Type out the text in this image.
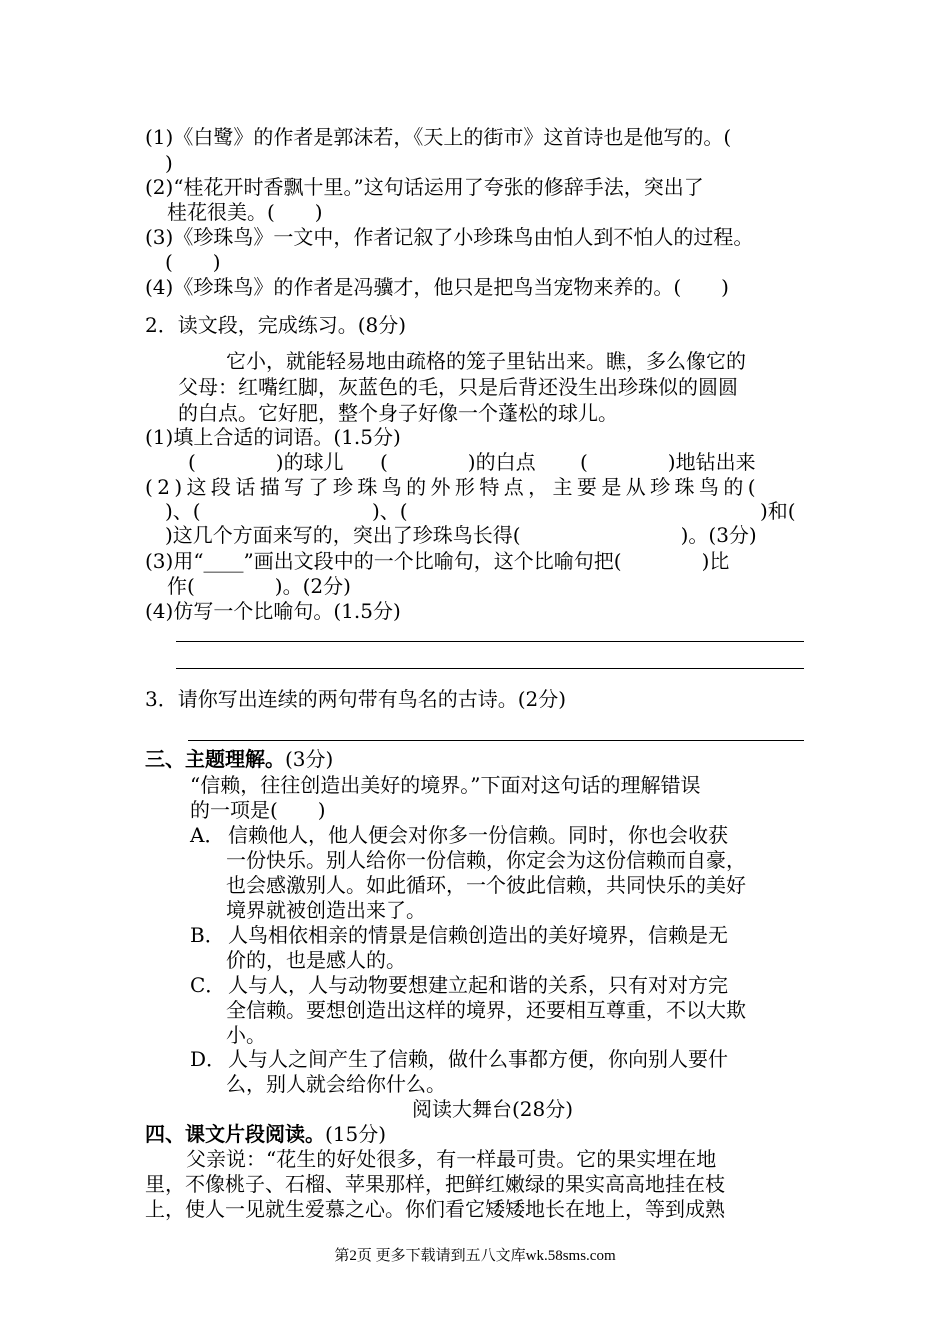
(1)《白鹭》的作者是郭沫若，《天上的街市》这首诗也是他写的。(
)
(2)“桂花开时香飘十里。”这句话运用了夸张的修辞手法，突出了
桂花很美。(　　)
(3)《珍珠鸟》一文中，作者记叙了小珍珠鸟由怕人到不怕人的过程。
(　　)
(4)《珍珠鸟》的作者是冯骥才，他只是把鸟当宠物来养的。(　　)
2．读文段，完成练习。(8分)
它小，就能轻易地由疏格的笼子里钻出来。瞧，多么像它的
父母：红嘴红脚，灰蓝色的毛，只是后背还没生出珍珠似的圆圆
的白点。它好肥，整个身子好像一个蓬松的球儿。
(1)填上合适的词语。(1.5分)
(　　　　)的球儿 (　　　　)的白点 (　　　　)地钻出来
(2)这段话描写了珍珠鸟的外形特点，主要是从珍珠鸟的(
)、(	)、(	)和(
)这几个方面来写的，突出了珍珠鸟长得(　　　　　　　　)。(3分)
(3)用“____”画出文段中的一个比喻句，这个比喻句把(　　　　)比
作(　　　　)。(2分)
(4)仿写一个比喻句。(1.5分)
3．请你写出连续的两句带有鸟名的古诗。(2分)
三、主题理解。(3分)
“信赖，往往创造出美好的境界。”下面对这句话的理解错误
的一项是(　　)
A． 信赖他人，他人便会对你多一份信赖。同时，你也会收获
一份快乐。别人给你一份信赖，你定会为这份信赖而自豪，
也会感激别人。如此循环，一个彼此信赖，共同快乐的美好
境界就被创造出来了。
B． 人鸟相依相亲的情景是信赖创造出的美好境界，信赖是无
价的，也是感人的。
C． 人与人，人与动物要想建立起和谐的关系，只有对对方完
全信赖。要想创造出这样的境界，还要相互尊重，不以大欺
小。
D． 人与人之间产生了信赖，做什么事都方便，你向别人要什
么，别人就会给你什么。
阅读大舞台(28分)
四、课文片段阅读。(15分)
父亲说：“花生的好处很多，有一样最可贵。它的果实埋在地
里，不像桃子、石榴、苹果那样，把鲜红嫩绿的果实高高地挂在枝
上，使人一见就生爱慕之心。你们看它矮矮地长在地上，等到成熟
第2页 更多下载请到五八文库wk.58sms.com
